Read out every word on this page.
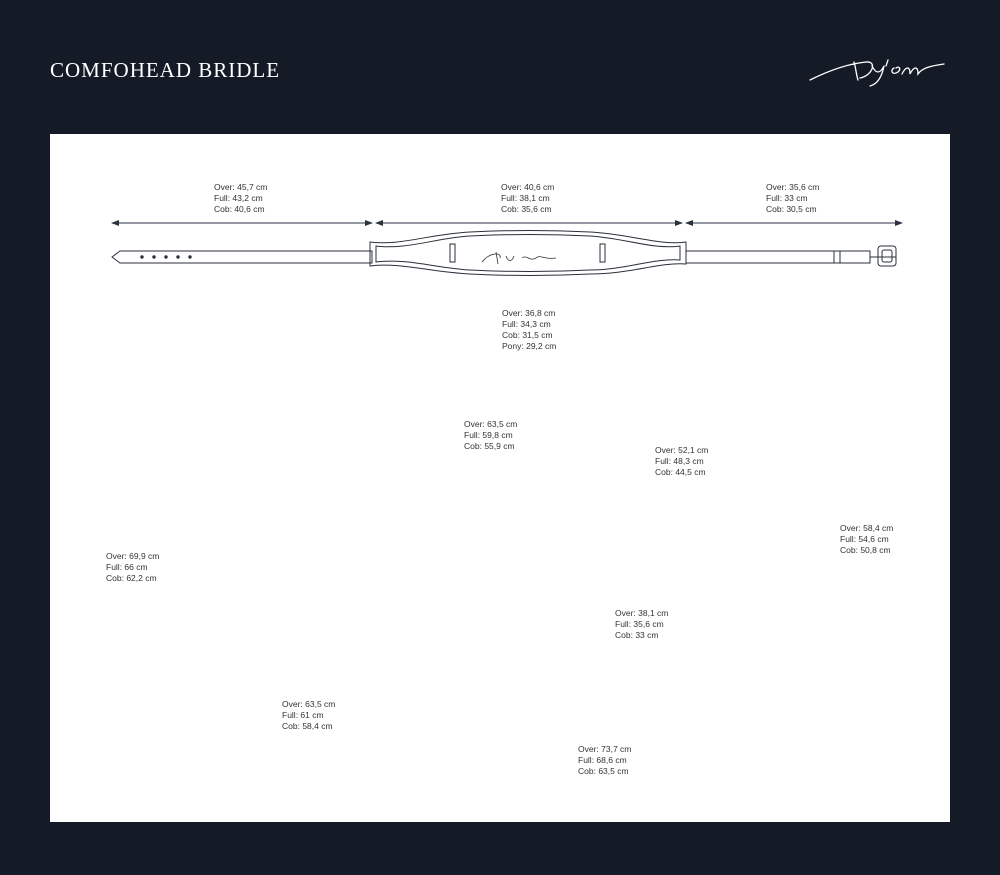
COMFOHEAD BRIDLE
Over: 45,7 cm
Full: 43,2 cm
Cob: 40,6 cm
Over: 40,6 cm
Full: 38,1 cm
Cob: 35,6 cm
Over: 35,6 cm
Full: 33 cm
Cob: 30,5 cm
Over: 36,8 cm
Full: 34,3 cm
Cob: 31,5 cm
Pony: 29,2 cm
Over: 69,9 cm
Full: 66 cm
Cob: 62,2 cm
Over: 58,4 cm
Full: 54,6 cm
Cob: 50,8 cm
Over: 63,5 cm
Full: 59,8 cm
Cob: 55,9 cm	Over: 52,1 cm
Full: 48,3 cm
Cob: 44,5 cm
Over: 38,1 cm
Full: 35,6 cm
Cob: 33 cm
Over: 63,5 cm
Full: 61 cm
Cob: 58,4 cm
Over: 73,7 cm
Full: 68,6 cm
Cob: 63,5 cm
